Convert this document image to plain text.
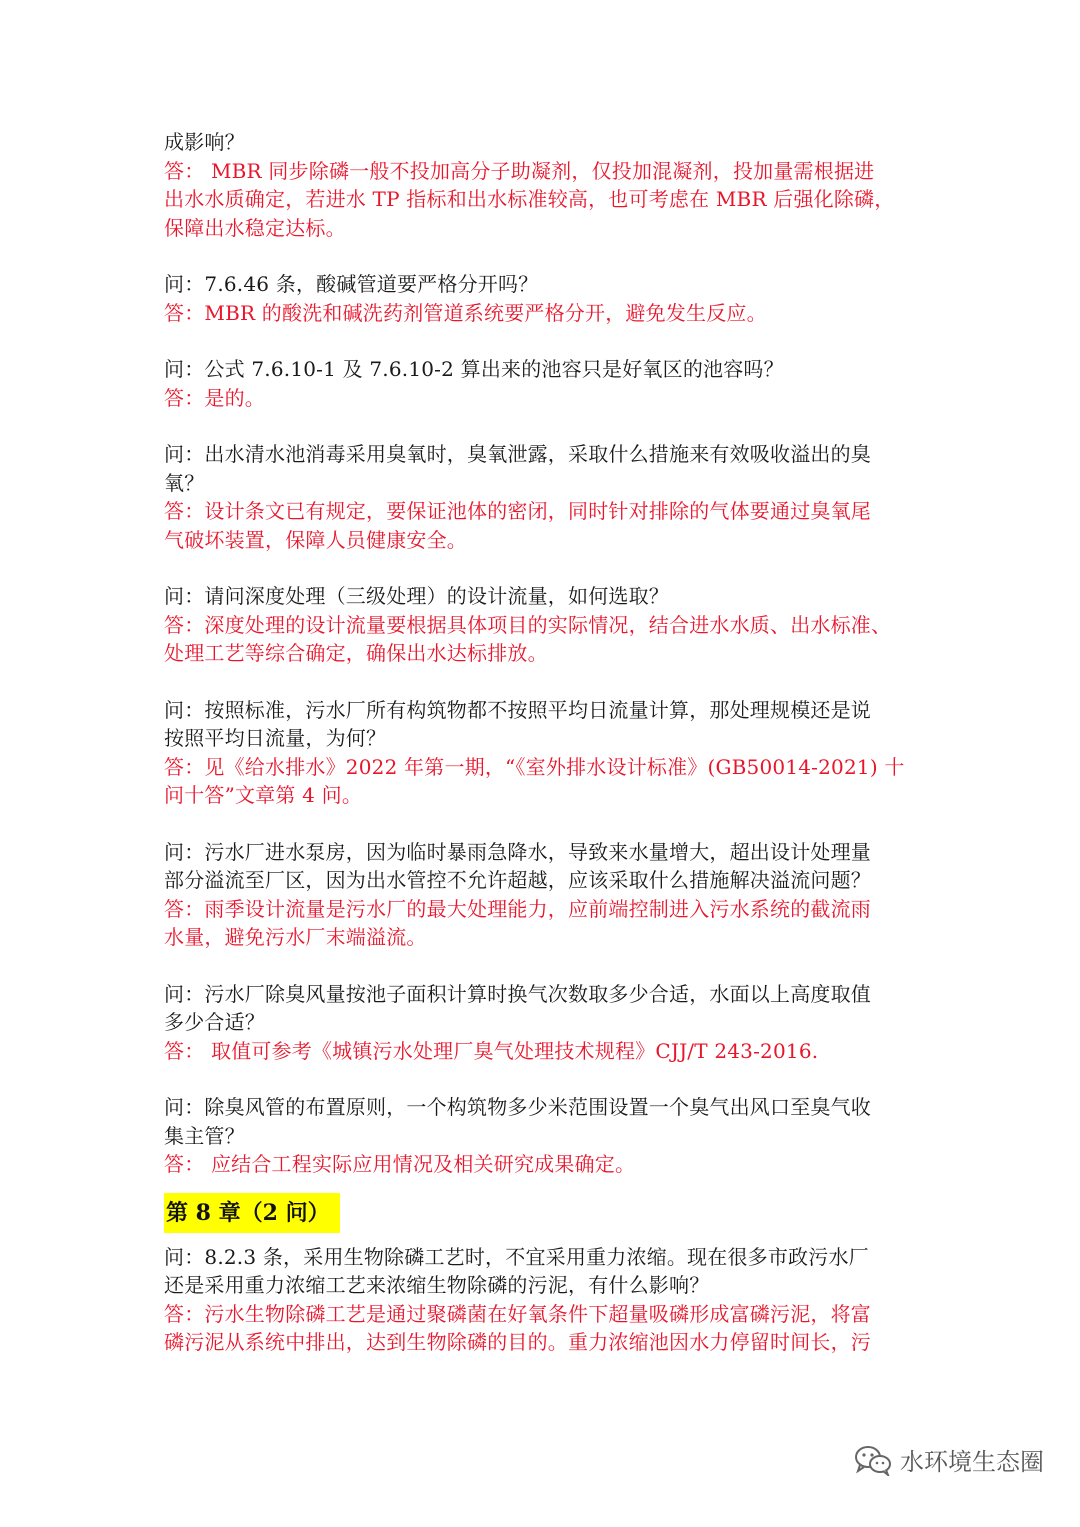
成影响？
答： MBR 同步除磷一般不投加高分子助凝剂，仅投加混凝剂，投加量需根据进
出水水质确定，若进水 TP 指标和出水标准较高，也可考虑在 MBR 后强化除磷，
保障出水稳定达标。
问：7.6.46 条，酸碱管道要严格分开吗？
答：MBR 的酸洗和碱洗药剂管道系统要严格分开，避免发生反应。
问：公式 7.6.10-1 及 7.6.10-2 算出来的池容只是好氧区的池容吗？
答：是的。
问：出水清水池消毒采用臭氧时，臭氧泄露，采取什么措施来有效吸收溢出的臭
氧？
答：设计条文已有规定，要保证池体的密闭，同时针对排除的气体要通过臭氧尾
气破坏装置，保障人员健康安全。
问：请问深度处理（三级处理）的设计流量，如何选取？
答：深度处理的设计流量要根据具体项目的实际情况，结合进水水质、出水标准、
处理工艺等综合确定，确保出水达标排放。
问：按照标准，污水厂所有构筑物都不按照平均日流量计算，那处理规模还是说
按照平均日流量，为何？
答：见《给水排水》2022 年第一期，“《室外排水设计标准》(GB50014-2021) 十
问十答”文章第 4 问。
问：污水厂进水泵房，因为临时暴雨急降水，导致来水量增大，超出设计处理量
部分溢流至厂区，因为出水管控不允许超越，应该采取什么措施解决溢流问题？
答：雨季设计流量是污水厂的最大处理能力，应前端控制进入污水系统的截流雨
水量，避免污水厂末端溢流。
问：污水厂除臭风量按池子面积计算时换气次数取多少合适，水面以上高度取值
多少合适？
答： 取值可参考《城镇污水处理厂臭气处理技术规程》CJJ/T 243-2016.
问：除臭风管的布置原则，一个构筑物多少米范围设置一个臭气出风口至臭气收
集主管？
答： 应结合工程实际应用情况及相关研究成果确定。
第 8 章（2 问）
问：8.2.3 条，采用生物除磷工艺时，不宜采用重力浓缩。现在很多市政污水厂
还是采用重力浓缩工艺来浓缩生物除磷的污泥，有什么影响？
答：污水生物除磷工艺是通过聚磷菌在好氧条件下超量吸磷形成富磷污泥，将富
磷污泥从系统中排出，达到生物除磷的目的。重力浓缩池因水力停留时间长，污
水环境生态圈
